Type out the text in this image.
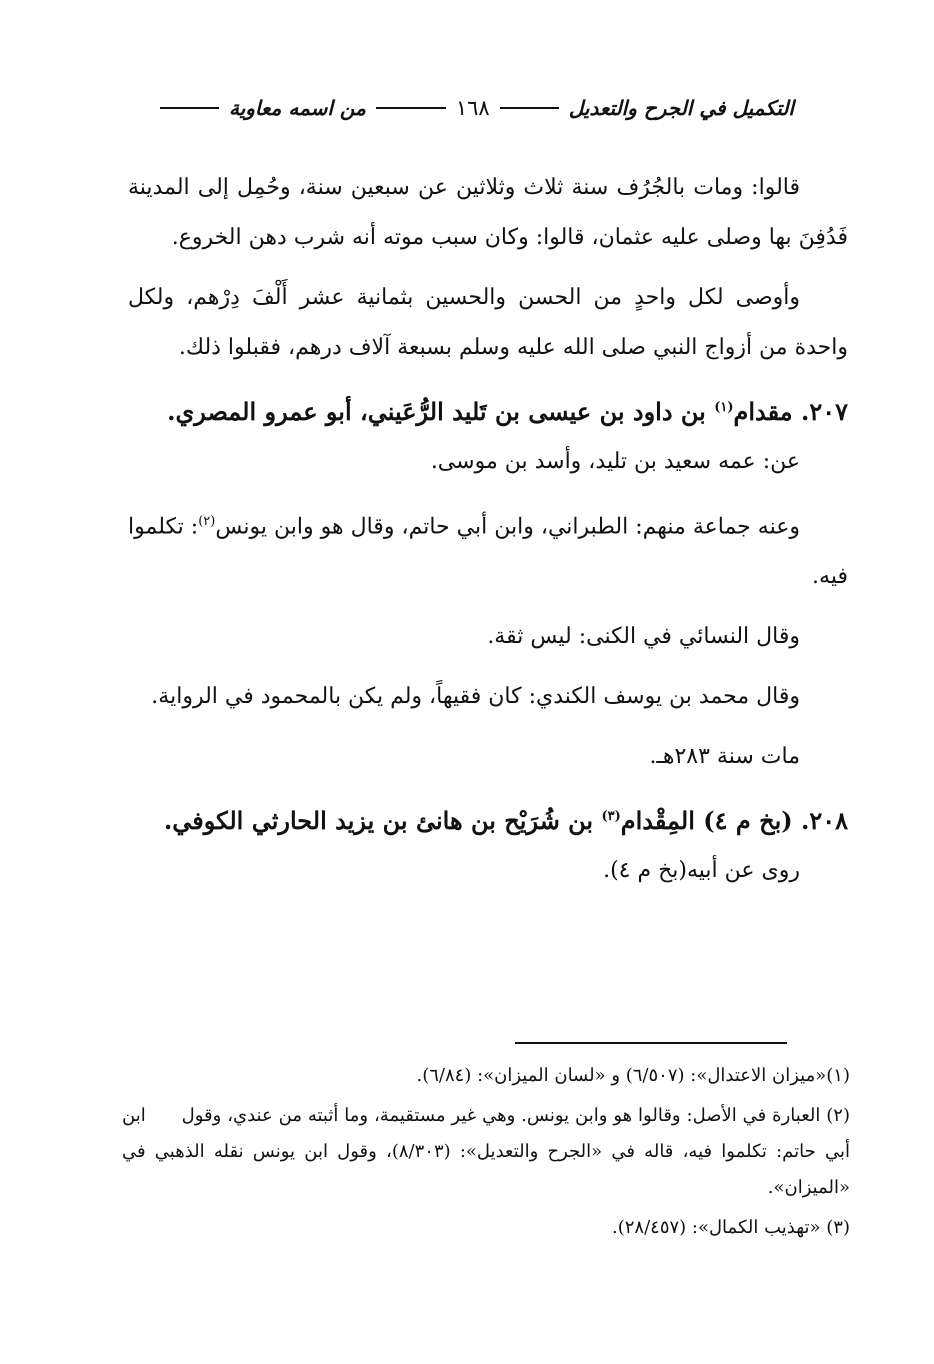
التكميل في الجرح والتعديل
١٦٨
من اسمه معاوية

قالوا: ومات بالجُرُف سنة ثلاث وثلاثين عن سبعين سنة، وحُمِل إلى المدينة فَدُفِنَ بها وصلى عليه عثمان، قالوا: وكان سبب موته أنه شرب دهن الخروع.

وأوصى لكل واحدٍ من الحسن والحسين بثمانية عشر أَلْفَ دِرْهم، ولكل واحدة من أزواج النبي صلى الله عليه وسلم بسبعة آلاف درهم، فقبلوا ذلك.

٢٠٧. مقدام$^{(١)}$ بن داود بن عيسى بن تَليد الرُّعَيني، أبو عمرو المصري.

عن: عمه سعيد بن تليد، وأسد بن موسى.

وعنه جماعة منهم: الطبراني، وابن أبي حاتم، وقال هو وابن يونس$^{(٢)}$: تكلموا فيه.

وقال النسائي في الكنى: ليس ثقة.

وقال محمد بن يوسف الكندي: كان فقيهاً، ولم يكن بالمحمود في الرواية.

مات سنة ٢٨٣هـ.

٢٠٨. (بخ م ٤) المِقْدام$^{(٣)}$ بن شُرَيْح بن هانئ بن يزيد الحارثي الكوفي.

روى عن أبيه(بخ م ٤).

(١)«ميزان الاعتدال»: (٦/٥٠٧) و «لسان الميزان»: (٦/٨٤).

(٢) العبارة في الأصل: وقالوا هو وابن يونس. وهي غير مستقيمة، وما أثبته من عندي، وقول ابن أبي حاتم: تكلموا فيه، قاله في «الجرح والتعديل»: (٨/٣٠٣)، وقول ابن يونس نقله الذهبي في «الميزان».

(٣) «تهذيب الكمال»: (٢٨/٤٥٧).
